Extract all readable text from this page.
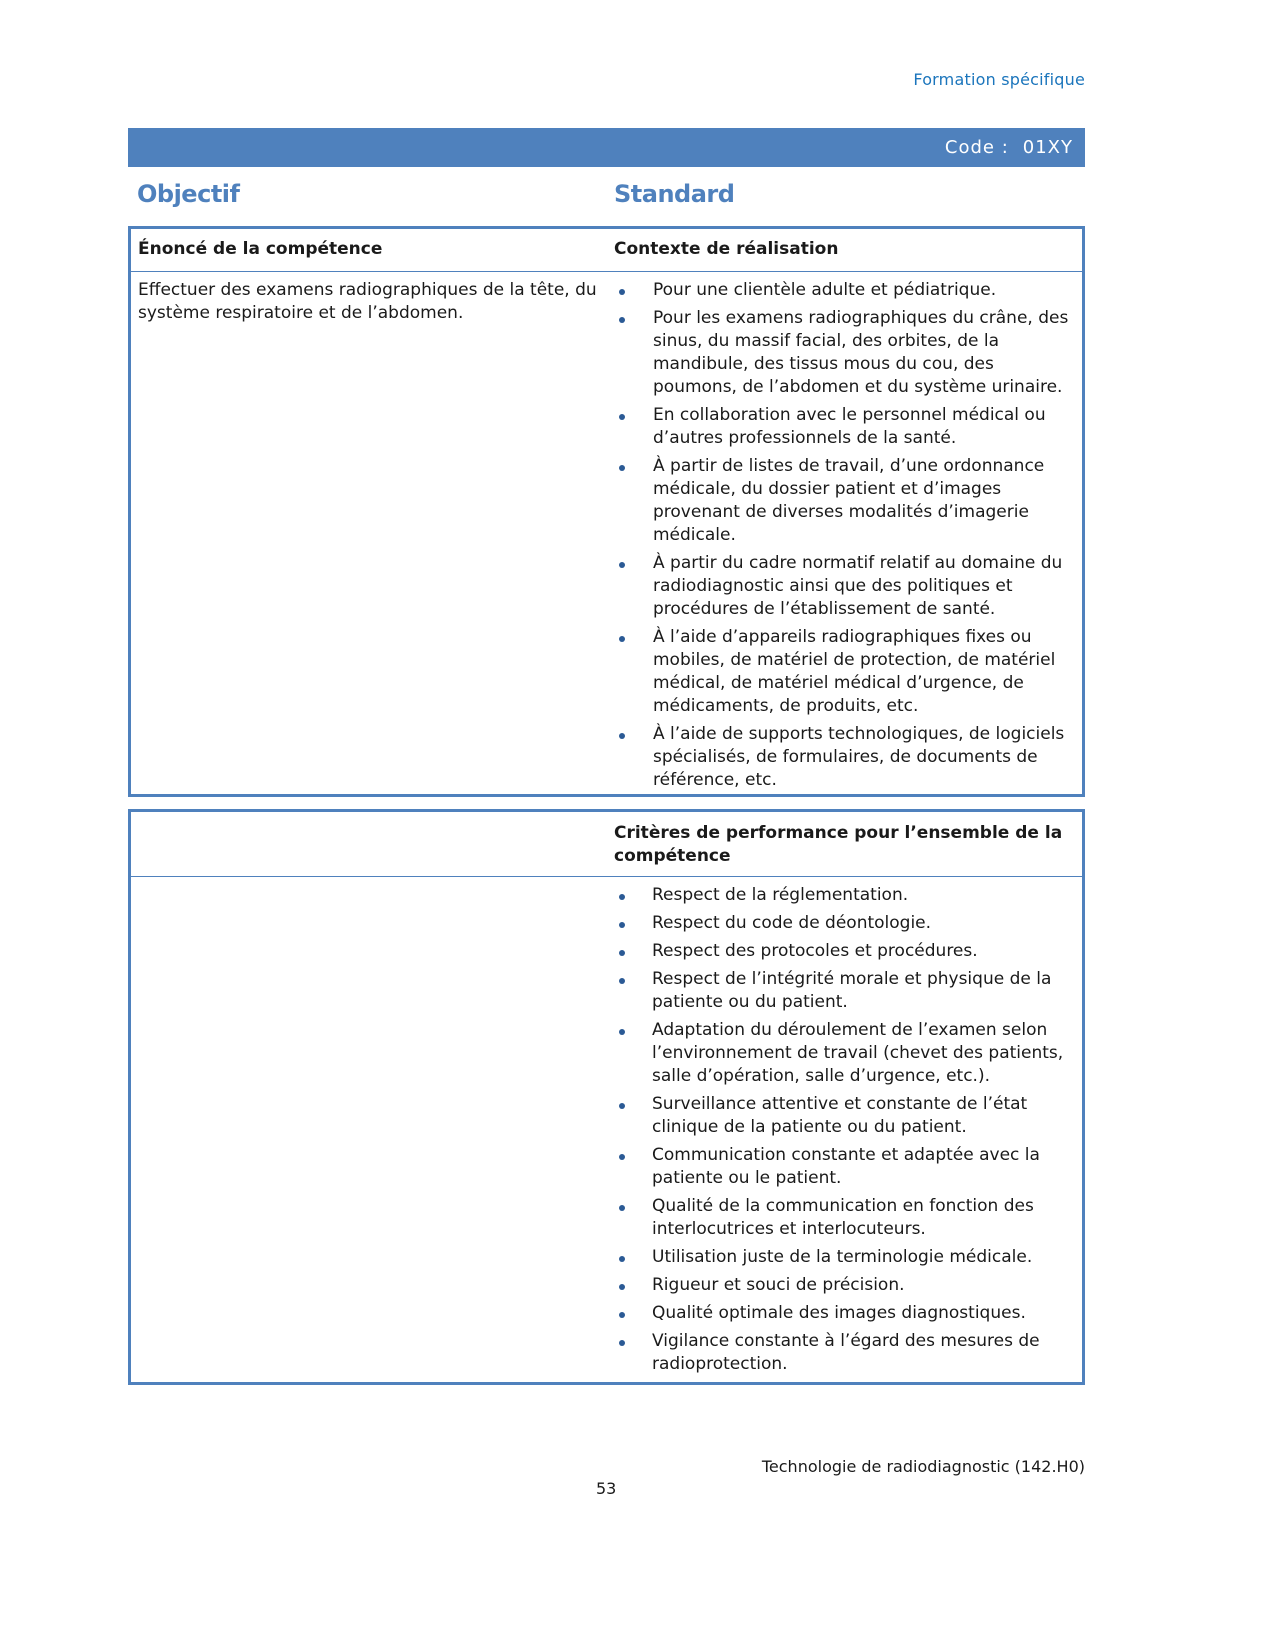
Formation spécifique
Code : 01XY
Objectif	Standard
Énoncé de la compétence	Contexte de réalisation
Effectuer des examens radiographiques de la tête, du système respiratoire et de l’abdomen.
Pour une clientèle adulte et pédiatrique.
Pour les examens radiographiques du crâne, des sinus, du massif facial, des orbites, de la mandibule, des tissus mous du cou, des poumons, de l’abdomen et du système urinaire.
En collaboration avec le personnel médical ou d’autres professionnels de la santé.
À partir de listes de travail, d’une ordonnance médicale, du dossier patient et d’images provenant de diverses modalités d’imagerie médicale.
À partir du cadre normatif relatif au domaine du radiodiagnostic ainsi que des politiques et procédures de l’établissement de santé.
À l’aide d’appareils radiographiques fixes ou mobiles, de matériel de protection, de matériel médical, de matériel médical d’urgence, de médicaments, de produits, etc.
À l’aide de supports technologiques, de logiciels spécialisés, de formulaires, de documents de référence, etc.
Critères de performance pour l’ensemble de la compétence
Respect de la réglementation.
Respect du code de déontologie.
Respect des protocoles et procédures.
Respect de l’intégrité morale et physique de la patiente ou du patient.
Adaptation du déroulement de l’examen selon l’environnement de travail (chevet des patients, salle d’opération, salle d’urgence, etc.).
Surveillance attentive et constante de l’état clinique de la patiente ou du patient.
Communication constante et adaptée avec la patiente ou le patient.
Qualité de la communication en fonction des interlocutrices et interlocuteurs.
Utilisation juste de la terminologie médicale.
Rigueur et souci de précision.
Qualité optimale des images diagnostiques.
Vigilance constante à l’égard des mesures de radioprotection.
Technologie de radiodiagnostic (142.H0)
53
